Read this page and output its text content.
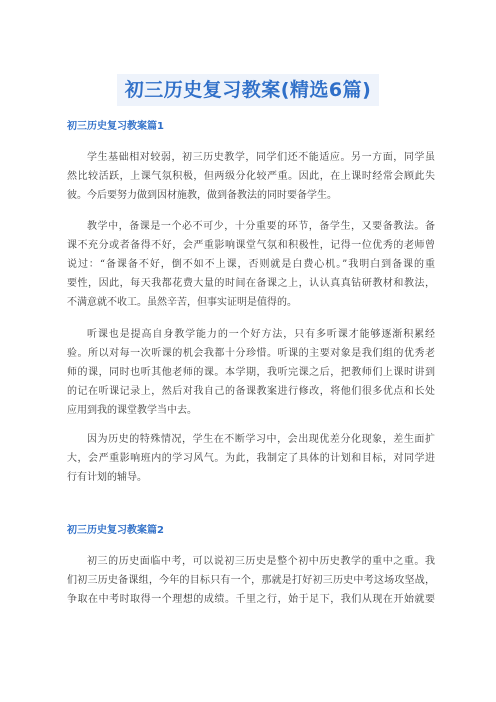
初三历史复习教案(精选6篇)
初三历史复习教案篇1
学生基础相对较弱，初三历史教学，同学们还不能适应。另一方面，同学虽
然比较活跃，上课气氛积极，但两级分化较严重。因此，在上课时经常会顾此失
彼。今后要努力做到因材施教，做到备教法的同时要备学生。
教学中，备课是一个必不可少，十分重要的环节，备学生，又要备教法。备
课不充分或者备得不好，会严重影响课堂气氛和积极性，记得一位优秀的老师曾
说过：“备课备不好，倒不如不上课，否则就是白费心机。”我明白到备课的重
要性，因此，每天我都花费大量的时间在备课之上，认认真真钻研教材和教法，
不满意就不收工。虽然辛苦，但事实证明是值得的。
听课也是提高自身教学能力的一个好方法，只有多听课才能够逐渐积累经
验。所以对每一次听课的机会我都十分珍惜。听课的主要对象是我们组的优秀老
师的课，同时也听其他老师的课。本学期，我听完课之后，把教师们上课时讲到
的记在听课记录上，然后对我自己的备课教案进行修改，将他们很多优点和长处
应用到我的课堂教学当中去。
因为历史的特殊情况，学生在不断学习中，会出现优差分化现象，差生面扩
大，会严重影响班内的学习风气。为此，我制定了具体的计划和目标，对同学进
行有计划的辅导。
初三历史复习教案篇2
初三的历史面临中考，可以说初三历史是整个初中历史教学的重中之重。我
们初三历史备课组，今年的目标只有一个，那就是打好初三历史中考这场攻坚战，
争取在中考时取得一个理想的成绩。千里之行，始于足下，我们从现在开始就要
